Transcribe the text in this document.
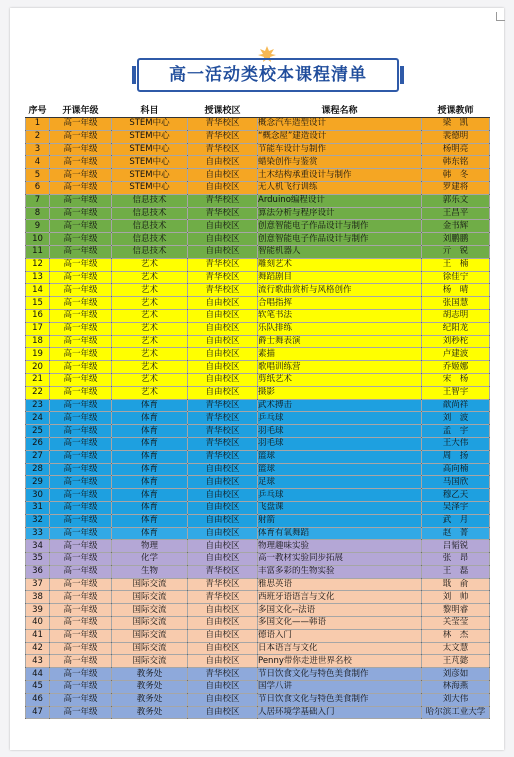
高一活动类校本课程清单
序号	开课年级	科目	授课校区	课程名称	授课教师
1	高一年级	STEM中心	青华校区	概念汽车造型设计	梁　凯
2	高一年级	STEM中心	青华校区	“概念屋”建造设计	裴德明
3	高一年级	STEM中心	青华校区	节能车设计与制作	杨明亮
4	高一年级	STEM中心	自由校区	蜡染创作与鉴赏	韩东铭
5	高一年级	STEM中心	自由校区	土木结构承重设计与制作	韩　冬
6	高一年级	STEM中心	自由校区	无人机飞行训练	罗建将
7	高一年级	信息技术	青华校区	Arduino编程设计	郭乐文
8	高一年级	信息技术	青华校区	算法分析与程序设计	王昌平
9	高一年级	信息技术	自由校区	创意智能电子作品设计与制作	金书辉
10	高一年级	信息技术	自由校区	创意智能电子作品设计与制作	刘鹏鹏
11	高一年级	信息技术	自由校区	智能机器人	亓　锐
12	高一年级	艺术	青华校区	雕刻艺术	王　楠
13	高一年级	艺术	青华校区	舞蹈剧目	徐佳宁
14	高一年级	艺术	青华校区	流行歌曲赏析与风格创作	杨　晴
15	高一年级	艺术	自由校区	合唱指挥	张国慧
16	高一年级	艺术	自由校区	软笔书法	胡志明
17	高一年级	艺术	自由校区	乐队排练	纪阳龙
18	高一年级	艺术	自由校区	爵士舞表演	刘秒柁
19	高一年级	艺术	自由校区	素描	卢建波
20	高一年级	艺术	自由校区	歌唱训练营	乔姬娜
21	高一年级	艺术	自由校区	剪纸艺术	宋　杨
22	高一年级	艺术	自由校区	摄影	王智宇
23	高一年级	体育	青华校区	武术搏击	歆尚祥
24	高一年级	体育	青华校区	乒乓球	刘　波
25	高一年级	体育	青华校区	羽毛球	孟　宇
26	高一年级	体育	青华校区	羽毛球	王大伟
27	高一年级	体育	青华校区	篮球	周　扬
28	高一年级	体育	自由校区	篮球	高向楠
29	高一年级	体育	自由校区	足球	马国欣
30	高一年级	体育	自由校区	乒乓球	穆乙天
31	高一年级	体育	自由校区	飞盘课	吴泽宇
32	高一年级	体育	自由校区	射箭	武　月
33	高一年级	体育	自由校区	体育有氧舞蹈	赵　菁
34	高一年级	物理	自由校区	物理趣味实验	吕韬锐
35	高一年级	化学	自由校区	高一教材实验同步拓展	张　昂
36	高一年级	生物	青华校区	丰富多彩的生物实验	王　磊
37	高一年级	国际交流	青华校区	雅思英语	戢　俞
38	高一年级	国际交流	青华校区	西班牙语语言与文化	刘　帅
39	高一年级	国际交流	自由校区	多国文化--法语	黎明睿
40	高一年级	国际交流	自由校区	多国文化——韩语	关莹莹
41	高一年级	国际交流	自由校区	德语入门	林　杰
42	高一年级	国际交流	自由校区	日本语言与文化	太文慧
43	高一年级	国际交流	自由校区	Penny带你走进世界名校	王芃懿
44	高一年级	教务处	青华校区	节日饮食文化与特色美食制作	刘彦如
45	高一年级	教务处	自由校区	国学八讲	林海燕
46	高一年级	教务处	自由校区	节日饮食文化与特色美食制作	刘大伟
47	高一年级	教务处	自由校区	人居环境学基础入门	哈尔滨工业大学
